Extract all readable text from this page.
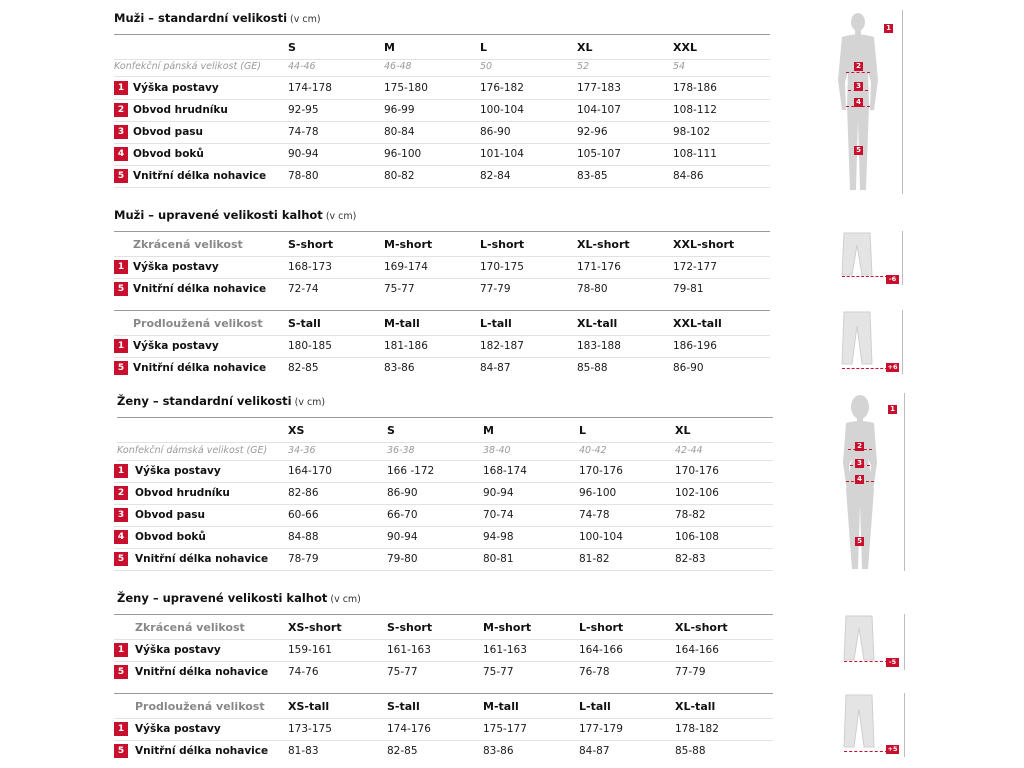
Muži – standardní velikosti (v cm)
S	M	L	XL	XXL
Konfekční pánská velikost (GE)	44-46	46-48	50	52	54
1 Výška postavy	174-178	175-180	176-182	177-183	178-186
2 Obvod hrudníku	92-95	96-99	100-104	104-107	108-112
3 Obvod pasu	74-78	80-84	86-90	92-96	98-102
4 Obvod boků	90-94	96-100	101-104	105-107	108-111
5 Vnitřní délka nohavice 78-80	80-82	82-84	83-85	84-86
1
2
3
4
5
Muži – upravené velikosti kalhot (v cm)
Zkrácená velikost	S-short	M-short	L-short	XL-short	XXL-short
1 Výška postavy	168-173	169-174	170-175	171-176	172-177
5 Vnitřní délka nohavice 72-74	75-77	77-79	78-80	79-81
Prodloužená velikost S-tall	M-tall	L-tall	XL-tall	XXL-tall
1 Výška postavy	180-185	181-186	182-187	183-188	186-196
5 Vnitřní délka nohavice 82-85	83-86	84-87	85-88	86-90
-6
+6
Ženy – standardní velikosti (v cm)
XS	S	M	L	XL
Konfekční dámská velikost (GE) 34-36	36-38	38-40	40-42	42-44
1	Výška postavy	164-170	166 -172	168-174	170-176	170-176
2	Obvod hrudníku	82-86	86-90	90-94	96-100	102-106
3	Obvod pasu	60-66	66-70	70-74	74-78	78-82
4	Obvod boků	84-88	90-94	94-98	100-104	106-108
5	Vnitřní délka nohavice 78-79	79-80	80-81	81-82	82-83
1
2
3
4
5
Ženy – upravené velikosti kalhot (v cm)
Zkrácená velikost	XS-short	S-short	M-short	L-short	XL-short
1	Výška postavy	159-161	161-163	161-163	164-166	164-166
5	Vnitřní délka nohavice 74-76	75-77	75-77	76-78	77-79
Prodloužená velikost XS-tall	S-tall	M-tall	L-tall	XL-tall
1	Výška postavy	173-175	174-176	175-177	177-179	178-182
5	Vnitřní délka nohavice 81-83	82-85	83-86	84-87	85-88
-5
+5
